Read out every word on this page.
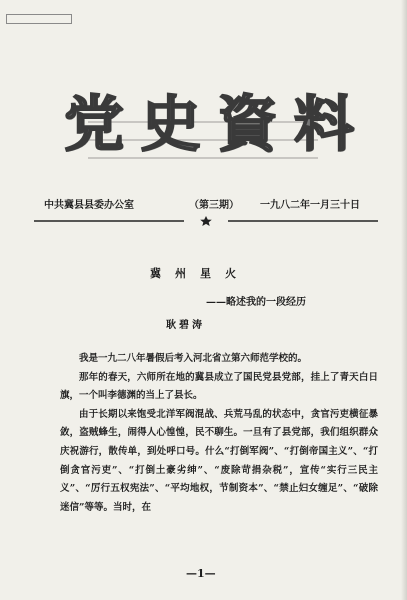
党 史 資 料
中共冀县县委办公室	（第三期） 一九八二年一月三十日
冀州星火
——略述我的一段经历
耿碧涛

我是一九二八年暑假后考入河北省立第六师范学校的。

那年的春天，六师所在地的冀县成立了国民党县党部，挂上了青天白日旗，一个叫李德渊的当上了县长。

由于长期以来饱受北洋军阀混战、兵荒马乱的状态中，贪官污吏横征暴敛，盗贼蜂生，闹得人心惶惶，民不聊生。一旦有了县党部，我们组织群众庆祝游行，散传单，到处呼口号。什么“打倒军阀”、“打倒帝国主义”、“打倒贪官污吏”、“打倒土豪劣绅”、“废除苛捐杂税”，宣传“实行三民主义”、“厉行五权宪法”、“平均地权，节制资本”、“禁止妇女缠足”、“破除迷信”等等。当时，在

—1—
